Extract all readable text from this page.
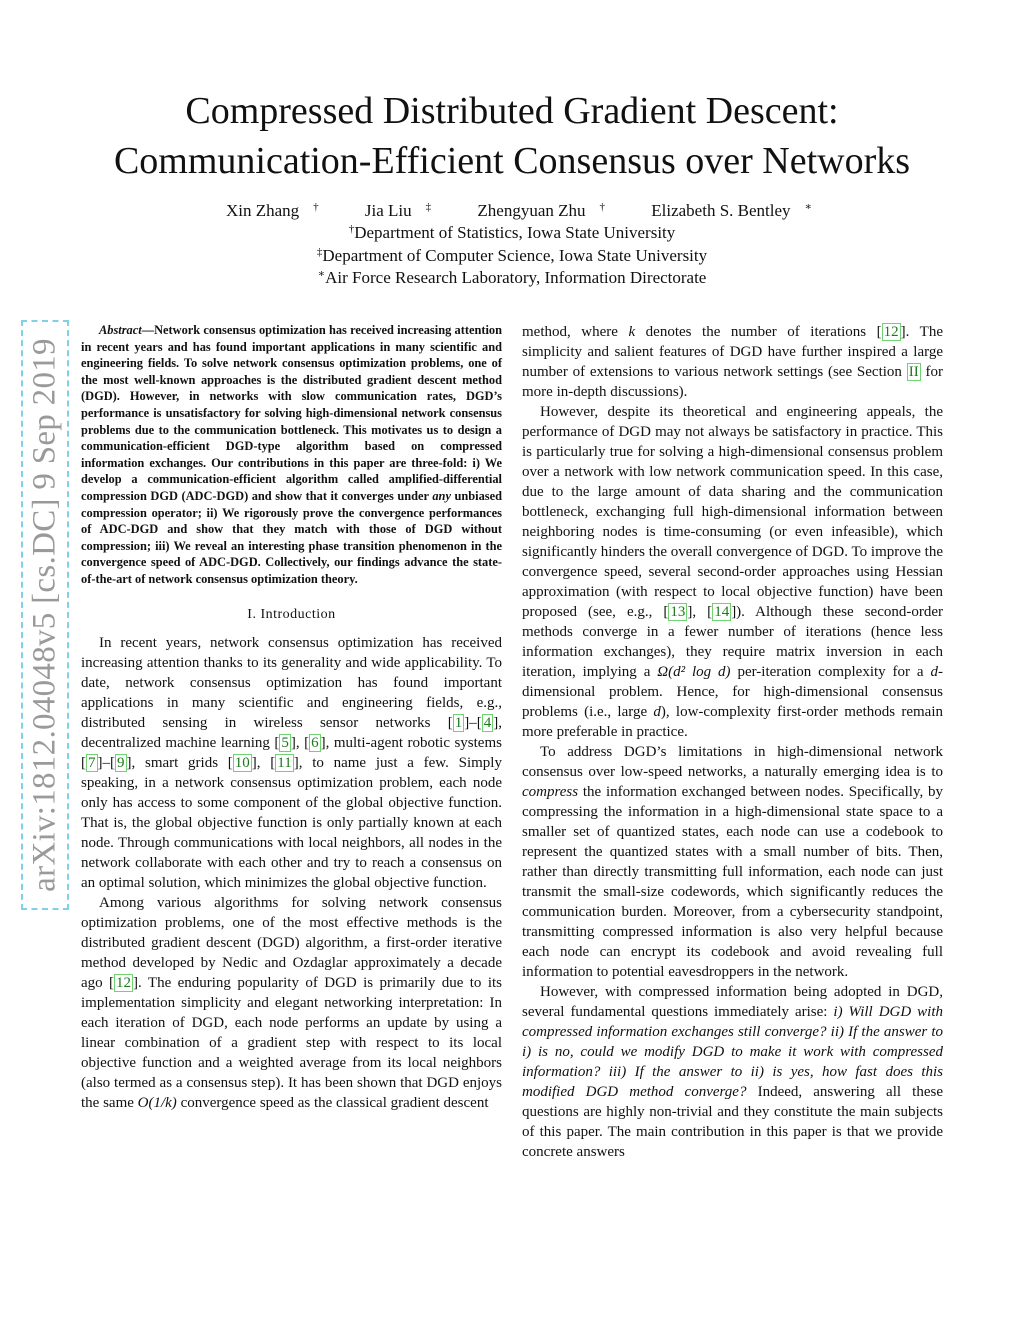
arXiv:1812.04048v5 [cs.DC] 9 Sep 2019
Compressed Distributed Gradient Descent:
Communication-Efficient Consensus over Networks
Xin Zhang †	Jia Liu ‡	Zhengyuan Zhu †	Elizabeth S. Bentley ∗
†Department of Statistics, Iowa State University
‡Department of Computer Science, Iowa State University
∗Air Force Research Laboratory, Information Directorate

Abstract—Network consensus optimization has received increasing attention in recent years and has found important applications in many scientific and engineering fields. To solve network consensus optimization problems, one of the most well-known approaches is the distributed gradient descent method (DGD). However, in networks with slow communication rates, DGD’s performance is unsatisfactory for solving high-dimensional network consensus problems due to the communication bottleneck. This motivates us to design a communication-efficient DGD-type algorithm based on compressed information exchanges. Our contributions in this paper are three-fold: i) We develop a communication-efficient algorithm called amplified-differential compression DGD (ADC-DGD) and show that it converges under any unbiased compression operator; ii) We rigorously prove the convergence performances of ADC-DGD and show that they match with those of DGD without compression; iii) We reveal an interesting phase transition phenomenon in the convergence speed of ADC-DGD. Collectively, our findings advance the state-of-the-art of network consensus optimization theory.

I. Introduction

In recent years, network consensus optimization has received increasing attention thanks to its generality and wide applicability. To date, network consensus optimization has found important applications in many scientific and engineering fields, e.g., distributed sensing in wireless sensor networks [ 1 ]–[ 4 ], decentralized machine learning [ 5 ], [ 6 ], multi-agent robotic systems [ 7 ]–[ 9 ], smart grids [ 10 ], [ 11 ], to name just a few. Simply speaking, in a network consensus optimization problem, each node only has access to some component of the global objective function. That is, the global objective function is only partially known at each node. Through communications with local neighbors, all nodes in the network collaborate with each other and try to reach a consensus on an optimal solution, which minimizes the global objective function.

Among various algorithms for solving network consensus optimization problems, one of the most effective methods is the distributed gradient descent (DGD) algorithm, a first-order iterative method developed by Nedic and Ozdaglar approximately a decade ago [ 12 ]. The enduring popularity of DGD is primarily due to its implementation simplicity and elegant networking interpretation: In each iteration of DGD, each node performs an update by using a linear combination of a gradient step with respect to its local objective function and a weighted average from its local neighbors (also termed as a consensus step). It has been shown that DGD enjoys the same O(1/k) convergence speed as the classical gradient descent

method, where k denotes the number of iterations [ 12 ]. The simplicity and salient features of DGD have further inspired a large number of extensions to various network settings (see Section II for more in-depth discussions).

However, despite its theoretical and engineering appeals, the performance of DGD may not always be satisfactory in practice. This is particularly true for solving a high-dimensional consensus problem over a network with low network communication speed. In this case, due to the large amount of data sharing and the communication bottleneck, exchanging full high-dimensional information between neighboring nodes is time-consuming (or even infeasible), which significantly hinders the overall convergence of DGD. To improve the convergence speed, several second-order approaches using Hessian approximation (with respect to local objective function) have been proposed (see, e.g., [ 13 ], [ 14 ]). Although these second-order methods converge in a fewer number of iterations (hence less information exchanges), they require matrix inversion in each iteration, implying a Ω(d² log d) per-iteration complexity for a d-dimensional problem. Hence, for high-dimensional consensus problems (i.e., large d), low-complexity first-order methods remain more preferable in practice.

To address DGD’s limitations in high-dimensional network consensus over low-speed networks, a naturally emerging idea is to compress the information exchanged between nodes. Specifically, by compressing the information in a high-dimensional state space to a smaller set of quantized states, each node can use a codebook to represent the quantized states with a small number of bits. Then, rather than directly transmitting full information, each node can just transmit the small-size codewords, which significantly reduces the communication burden. Moreover, from a cybersecurity standpoint, transmitting compressed information is also very helpful because each node can encrypt its codebook and avoid revealing full information to potential eavesdroppers in the network.

However, with compressed information being adopted in DGD, several fundamental questions immediately arise: i) Will DGD with compressed information exchanges still converge? ii) If the answer to i) is no, could we modify DGD to make it work with compressed information? iii) If the answer to ii) is yes, how fast does this modified DGD method converge? Indeed, answering all these questions are highly non-trivial and they constitute the main subjects of this paper. The main contribution in this paper is that we provide concrete answers
